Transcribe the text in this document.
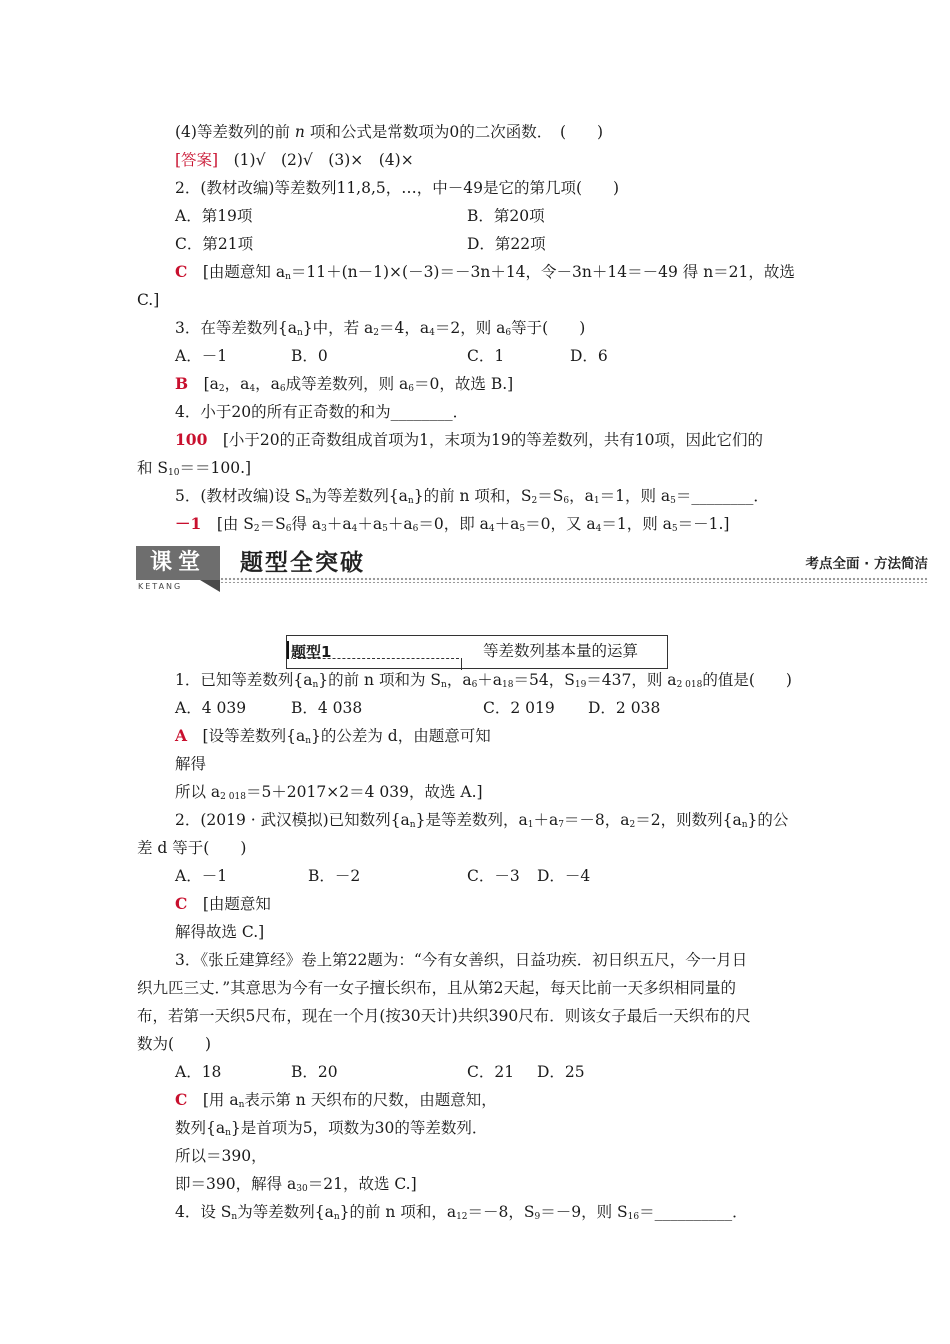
(4)等差数列的前 n 项和公式是常数项为0的二次函数．　(　　)
[答案]　 (1)√　(2)√　(3)×　(4)×
2．(教材改编)等差数列11,8,5，…，中－49是它的第几项(　　)
A．第19项	B．第20项
C．第21项	D．第22项
C　 [由题意知 $a_n=11+(n-1)\times(-3)=-3n+14$，令－3n＋14＝－49 得 n＝21，故选
C.]
3．在等差数列$\{a_n\}$中，若 $a_2=4$，$a_4=2$，则 $a_6$等于(　　)
A．－1	B．0	C．1	D．6
B　 [$a_2$，$a_4$，$a_6$成等差数列，则 $a_6=0$，故选 B.]
4．小于20的所有正奇数的和为________．
100　 [小于20的正奇数组成首项为1，末项为19的等差数列，共有10项，因此它们的
和 $S_{10}==100$.]
5．(教材改编)设 $S_n$为等差数列$\{a_n\}$的前 n 项和，$S_2=S_6$，$a_1=1$，则 $a_5=\_\_\_\_\_\_\_\_$．
－1　 [由 $S_2=S_6$得 $a_3+a_4+a_5+a_6=0$，即 $a_4+a_5=0$，又 $a_4=1$，则 $a_5=-1$.]
课堂
KETANG
题型全突破	考点全面 · 方法简洁
题型1	等差数列基本量的运算
1．已知等差数列$\{a_n\}$的前 n 项和为 $S_n$，$a_6+a_{18}=54$，$S_{19}=437$，则 $a_{2 018}$的值是(　　)
A．4 039	B．4 038	C．2 019 D．2 038
A　 [设等差数列$\{a_n\}$的公差为 d，由题意可知
解得
所以 $a_{2 018}=5+2017\times 2=4$ 039，故选 A.]
2．(2019 · 武汉模拟)已知数列$\{a_n\}$是等差数列，$a_1+a_7=-8$，$a_2=2$，则数列$\{a_n\}$的公
差 d 等于(　　)
A．－1	B．－2	C．－3 D．－4
C　 [由题意知
解得故选 C.]
3．《张丘建算经》卷上第22题为：“今有女善织，日益功疾．初日织五尺，今一月日
织九匹三丈．”其意思为今有一女子擅长织布，且从第2天起，每天比前一天多织相同量的
布，若第一天织5尺布，现在一个月(按30天计)共织390尺布．则该女子最后一天织布的尺
数为(　　)
A．18	B．20	C．21 D．25
C　 [用 $a_n$表示第 n 天织布的尺数，由题意知，
数列$\{a_n\}$是首项为5，项数为30的等差数列．
所以＝390，
即＝390，解得 $a_{30}=21$，故选 C.]
4．设 $S_n$为等差数列$\{a_n\}$的前 n 项和，$a_{12}=-8$，$S_9=-9$，则 $S_{16}=\_\_\_\_\_\_\_\_\_\_$．
